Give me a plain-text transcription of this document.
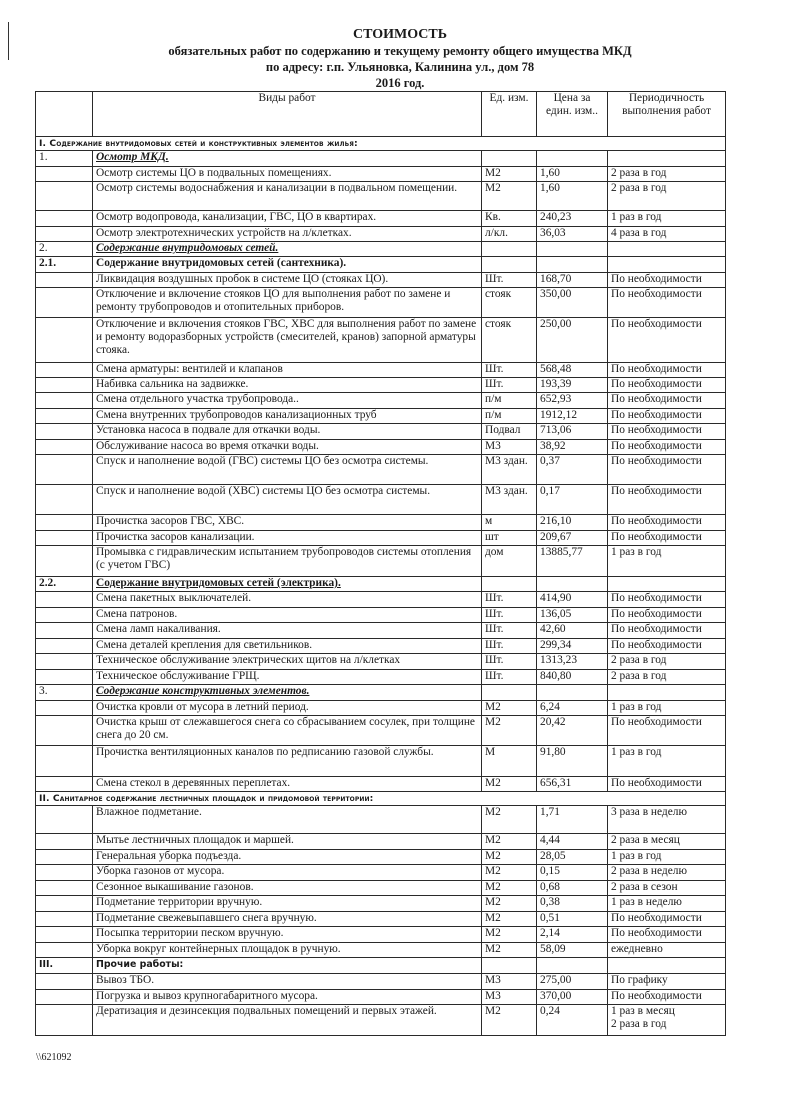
СТОИМОСТЬ
обязательных работ по содержанию и текущему ремонту общего имущества МКД
по адресу: г.п. Ульяновка, Калинина ул., дом 78
2016 год.
	Виды работ	Ед. изм.	Цена за един. изм..	Периодичность выполнения работ
I. Содержание внутридомовых сетей и конструктивных элементов жилья:				
1.	Осмотр МКД.			
	Осмотр системы ЦО в подвальных помещениях.	М2	1,60	2 раза в год
	Осмотр системы водоснабжения и канализации в подвальном помещении.	М2	1,60	2 раза в год
	Осмотр водопровода, канализации, ГВС, ЦО в квартирах.	Кв.	240,23	1 раз в год
	Осмотр электротехнических устройств на л/клетках.	л/кл.	36,03	4 раза в год
2.	Содержание внутридомовых сетей.			
2.1.	Содержание внутридомовых сетей (сантехника).			
	Ликвидация воздушных пробок в системе ЦО (стояках ЦО).	Шт.	168,70	По необходимости
	Отключение и включение стояков ЦО для выполнения работ по замене и ремонту трубопроводов и отопительных приборов.	стояк	350,00	По необходимости
	Отключение и включения стояков ГВС, ХВС для выполнения работ по замене и ремонту водоразборных устройств (смесителей, кранов) запорной арматуры стояка.	стояк	250,00	По необходимости
	Смена арматуры: вентилей и клапанов	Шт.	568,48	По необходимости
	Набивка сальника на задвижке.	Шт.	193,39	По необходимости
	Смена отдельного участка трубопровода..	п/м	652,93	По необходимости
	Смена внутренних трубопроводов канализационных труб	п/м	1912,12	По необходимости
	Установка насоса в подвале для откачки воды.	Подвал	713,06	По необходимости
	Обслуживание насоса во время откачки воды.	М3	38,92	По необходимости
	Спуск и наполнение водой (ГВС) системы ЦО без осмотра системы.	М3 здан.	0,37	По необходимости
	Спуск и наполнение водой (ХВС) системы ЦО без осмотра системы.	М3 здан.	0,17	По необходимости
	Прочистка засоров ГВС, ХВС.	м	216,10	По необходимости
	Прочистка засоров канализации.	шт	209,67	По необходимости
	Промывка с гидравлическим испытанием трубопроводов системы отопления (с учетом ГВС)	дом	13885,77	1 раз в год
2.2.	Содержание внутридомовых сетей (электрика).			
	Смена пакетных выключателей.	Шт.	414,90	По необходимости
	Смена патронов.	Шт.	136,05	По необходимости
	Смена ламп накаливания.	Шт.	42,60	По необходимости
	Смена деталей крепления для светильников.	Шт.	299,34	По необходимости
	Техническое обслуживание электрических щитов на л/клетках	Шт.	1313,23	2 раза в год
	Техническое обслуживание ГРЩ.	Шт.	840,80	2 раза в год
3.	Содержание конструктивных элементов.			
	Очистка кровли от мусора в летний период.	М2	6,24	1 раз в год
	Очистка крыш от слежавшегося снега со сбрасыванием сосулек, при толщине снега до 20 см.	М2	20,42	По необходимости
	Прочистка вентиляционных каналов по редписанию газовой службы.	М	91,80	1 раз в год
	Смена стекол в деревянных переплетах.	М2	656,31	По необходимости
II. Санитарное содержание лестничных площадок и придомовой территории:				
	Влажное подметание.	М2	1,71	3 раза в неделю
	Мытье лестничных площадок и маршей.	М2	4,44	2 раза в месяц
	Генеральная уборка подъезда.	М2	28,05	1 раз в год
	Уборка газонов от мусора.	М2	0,15	2 раза в неделю
	Сезонное выкашивание газонов.	М2	0,68	2 раза в сезон
	Подметание территории вручную.	М2	0,38	1 раз в неделю
	Подметание свежевыпавшего снега вручную.	М2	0,51	По необходимости
	Посыпка территории песком вручную.	М2	2,14	По необходимости
	Уборка вокруг контейнерных площадок в ручную.	М2	58,09	ежедневно
III.	Прочие работы:			
	Вывоз ТБО.	М3	275,00	По графику
	Погрузка и вывоз крупногабаритного мусора.	М3	370,00	По необходимости
	Дератизация и дезинсекция подвальных помещений и первых этажей.	М2	0,24	1 раз в месяц
2 раза в год
\\621092
